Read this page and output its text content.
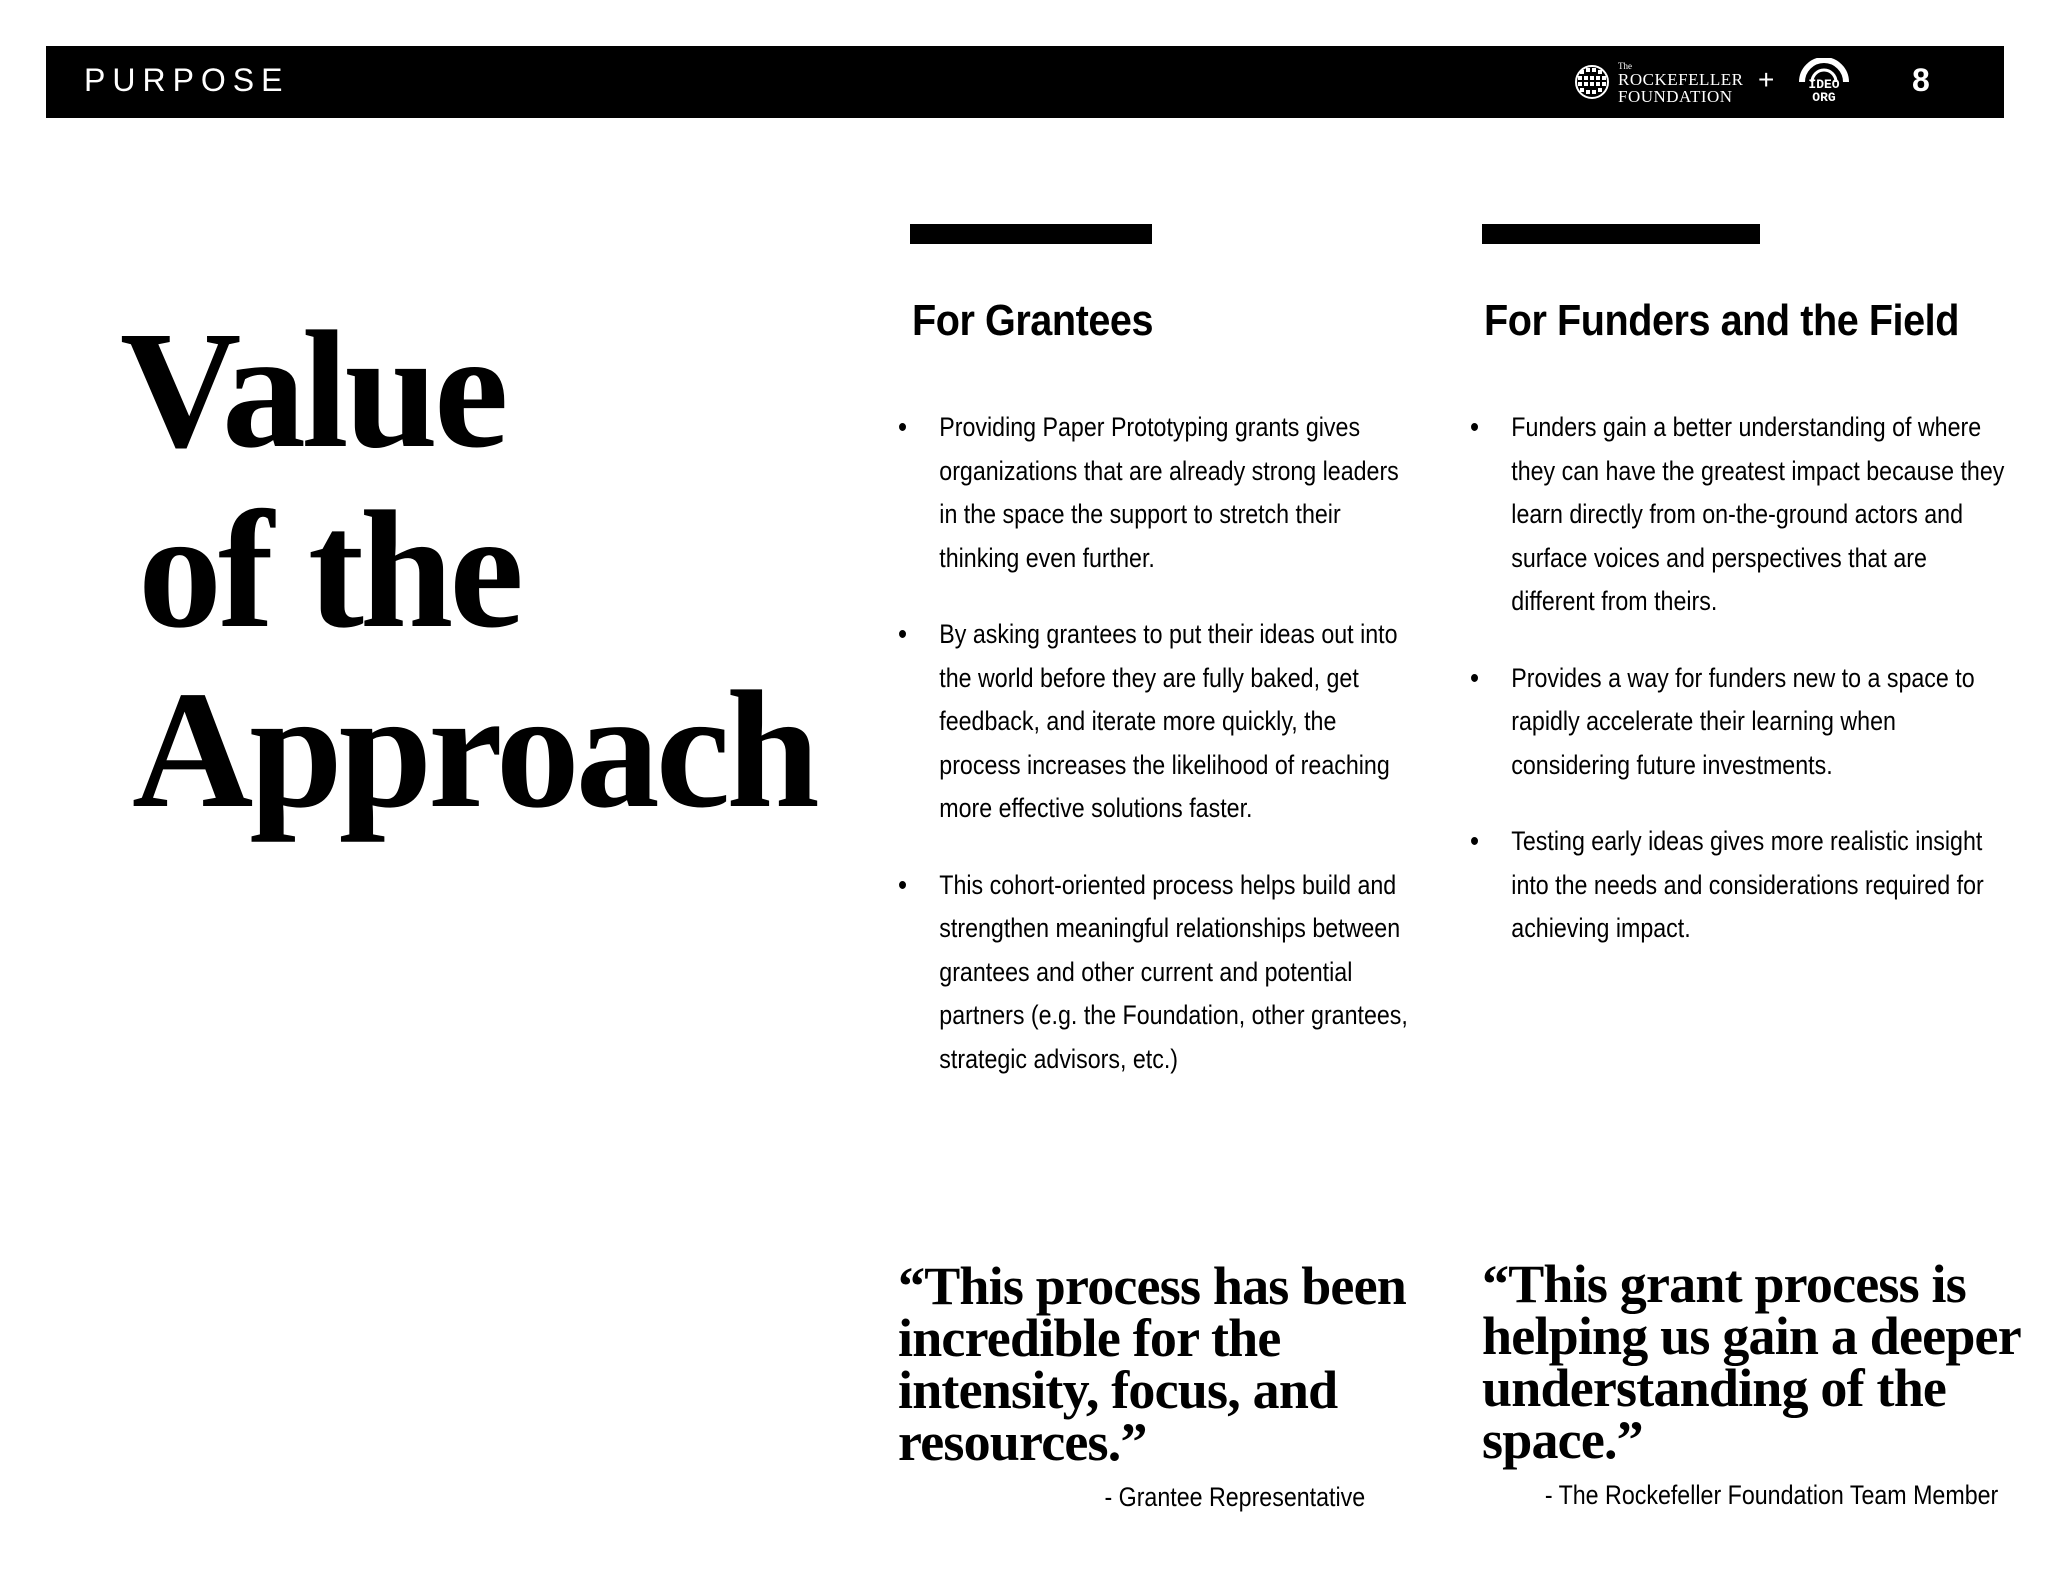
PURPOSE	The
ROCKEFELLER
FOUNDATION
+	IDEO
ORG	8
Value
of the
Approach
For Grantees
• Providing Paper Prototyping grants gives organizations that are already strong leaders in the space the support to stretch their thinking even further.
• By asking grantees to put their ideas out into the world before they are fully baked, get feedback, and iterate more quickly, the process increases the likelihood of reaching more effective solutions faster.
• This cohort-oriented process helps build and strengthen meaningful relationships between grantees and other current and potential partners (e.g. the Foundation, other grantees, strategic advisors, etc.)
For Funders and the Field
• Funders gain a better understanding of where they can have the greatest impact because they learn directly from on-the-ground actors and surface voices and perspectives that are different from theirs.
• Provides a way for funders new to a space to rapidly accelerate their learning when considering future investments.
• Testing early ideas gives more realistic insight into the needs and considerations required for achieving impact.
“This process has been incredible for the intensity, focus, and resources.”
- Grantee Representative
“This grant process is helping us gain a deeper understanding of the space.”
- The Rockefeller Foundation Team Member
